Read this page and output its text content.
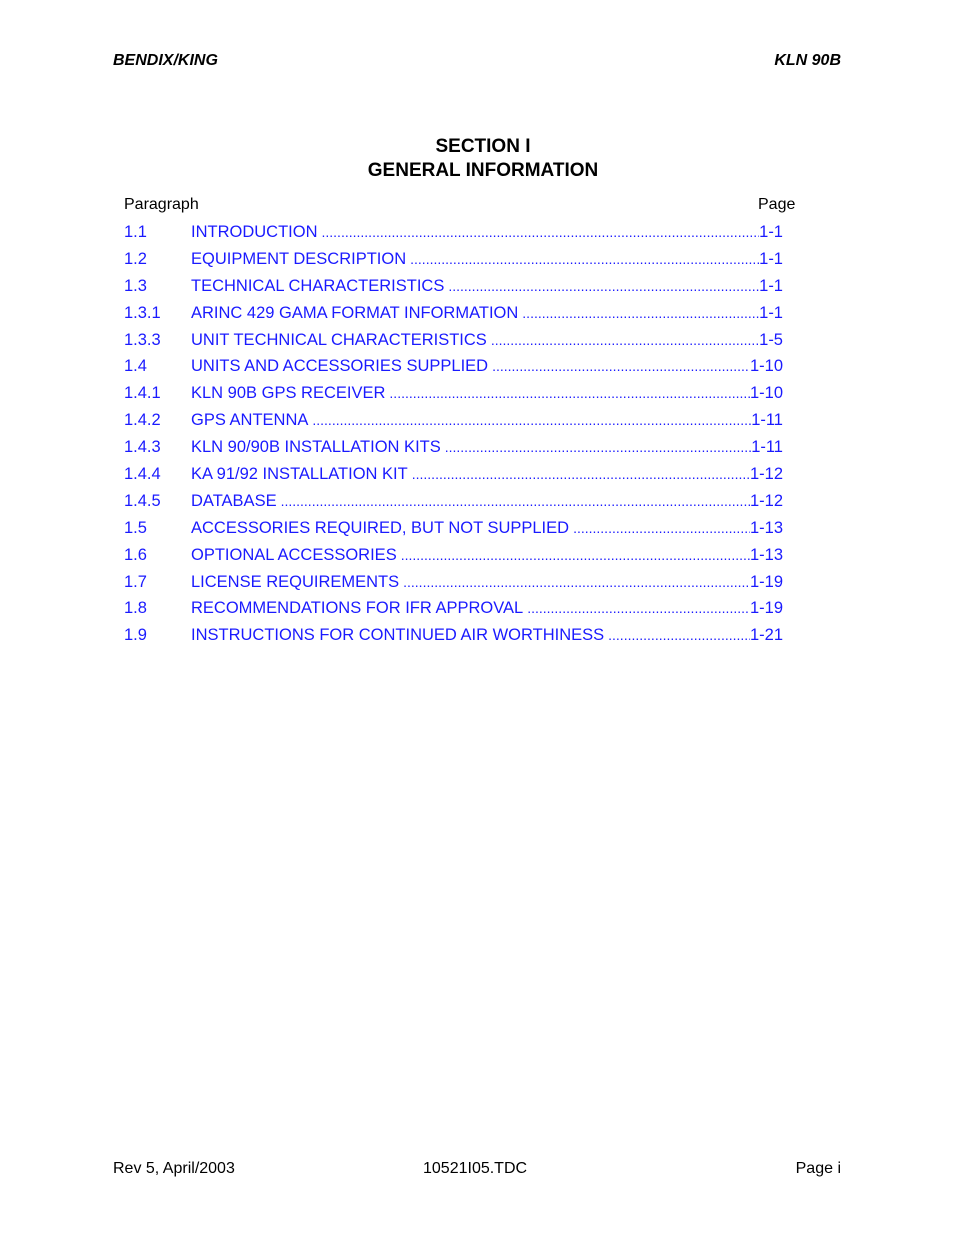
BENDIX/KING	KLN 90B
SECTION I
GENERAL INFORMATION
Paragraph	Page
1.1	INTRODUCTION .....	1-1
1.2	EQUIPMENT DESCRIPTION .....	1-1
1.3	TECHNICAL CHARACTERISTICS .....	1-1
1.3.1 ARINC 429 GAMA FORMAT INFORMATION .....	1-1
1.3.3 UNIT TECHNICAL CHARACTERISTICS .....	1-5
1.4	UNITS AND ACCESSORIES SUPPLIED .....	1-10
1.4.1 KLN 90B GPS RECEIVER .....	1-10
1.4.2 GPS ANTENNA .....	1-11
1.4.3 KLN 90/90B INSTALLATION KITS .....	1-11
1.4.4 KA 91/92 INSTALLATION KIT .....	1-12
1.4.5 DATABASE .....	1-12
1.5	ACCESSORIES REQUIRED, BUT NOT SUPPLIED .....	1-13
1.6	OPTIONAL ACCESSORIES .....	1-13
1.7	LICENSE REQUIREMENTS .....	1-19
1.8	RECOMMENDATIONS FOR IFR APPROVAL .....	1-19
1.9	INSTRUCTIONS FOR CONTINUED AIR WORTHINESS .....	1-21
Rev 5, April/2003	10521I05.TDC	Page i
